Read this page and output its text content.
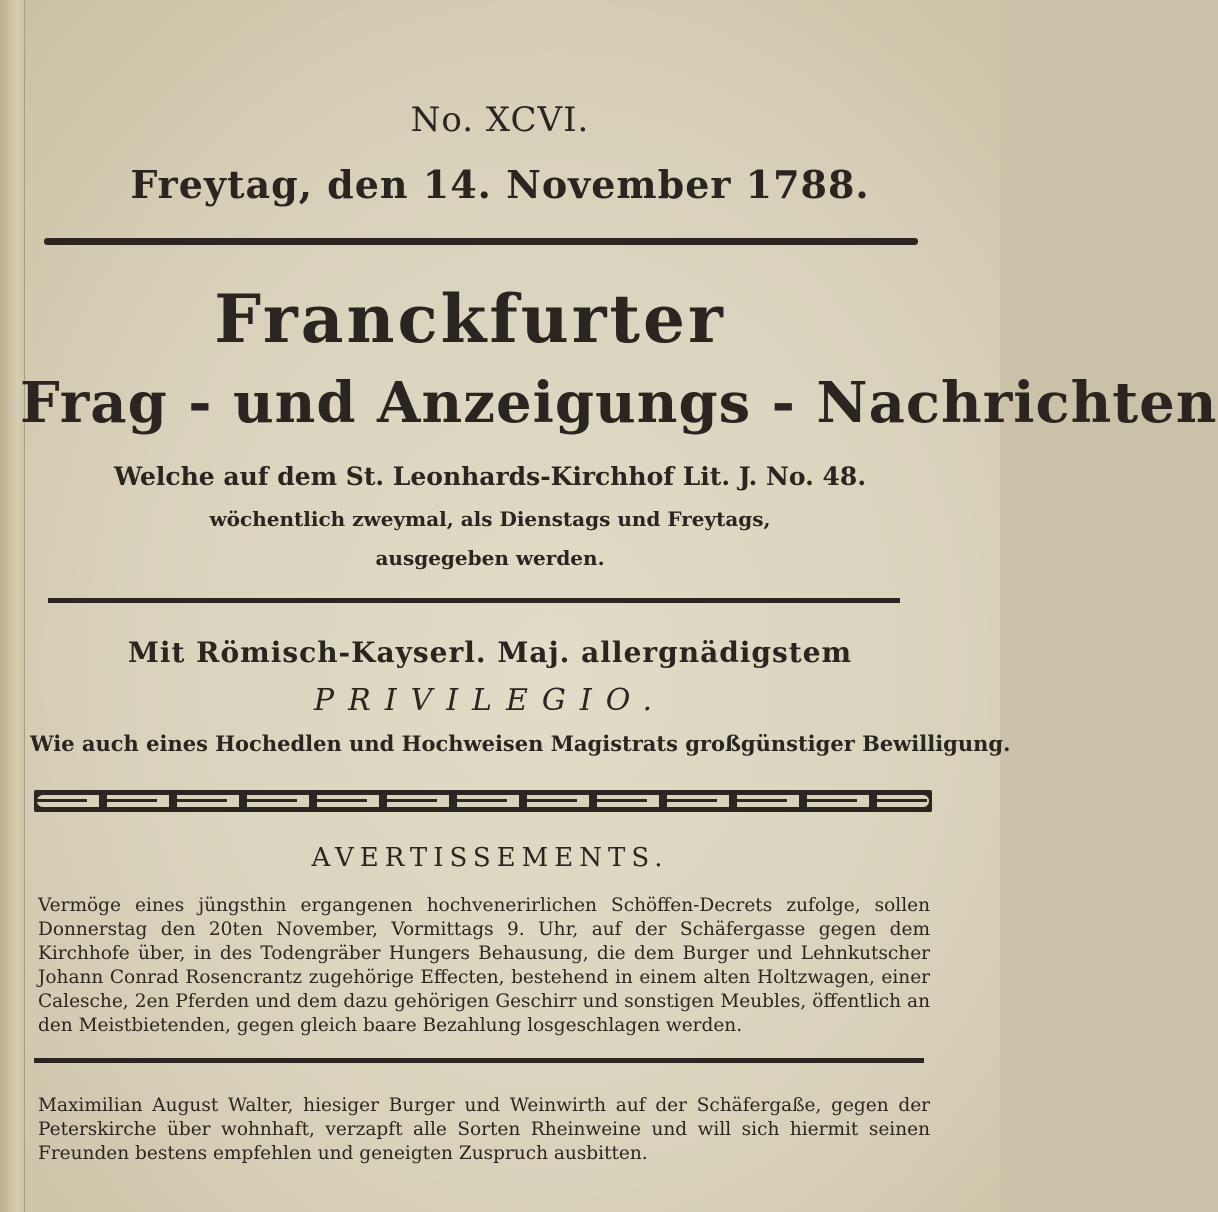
No. XCVI.
Freytag, den 14. November 1788.
Franckfurter
Frag - und Anzeigungs - Nachrichten
Welche auf dem St. Leonhards-Kirchhof Lit. J. No. 48.
wöchentlich zweymal, als Dienstags und Freytags,
ausgegeben werden.
Mit Römisch-Kayserl. Maj. allergnädigstem
PRIVILEGIO.
Wie auch eines Hochedlen und Hochweisen Magistrats großgünstiger Bewilligung.
AVERTISSEMENTS.
Vermöge eines jüngsthin ergangenen hochvenerirlichen Schöffen-Decrets zufolge, sollen Donnerstag den 20ten November, Vormittags 9. Uhr, auf der Schäfergasse gegen dem Kirchhofe über, in des Todengräber Hungers Behausung, die dem Burger und Lehnkutscher Johann Conrad Rosencrantz zugehörige Effecten, bestehend in einem alten Holtzwagen, einer Calesche, 2en Pferden und dem dazu gehörigen Geschirr und sonstigen Meubles, öffentlich an den Meistbietenden, gegen gleich baare Bezahlung losgeschlagen werden.
Maximilian August Walter, hiesiger Burger und Weinwirth auf der Schäfergaße, gegen der Peterskirche über wohnhaft, verzapft alle Sorten Rheinweine und will sich hiermit seinen Freunden bestens empfehlen und geneigten Zuspruch ausbitten.
